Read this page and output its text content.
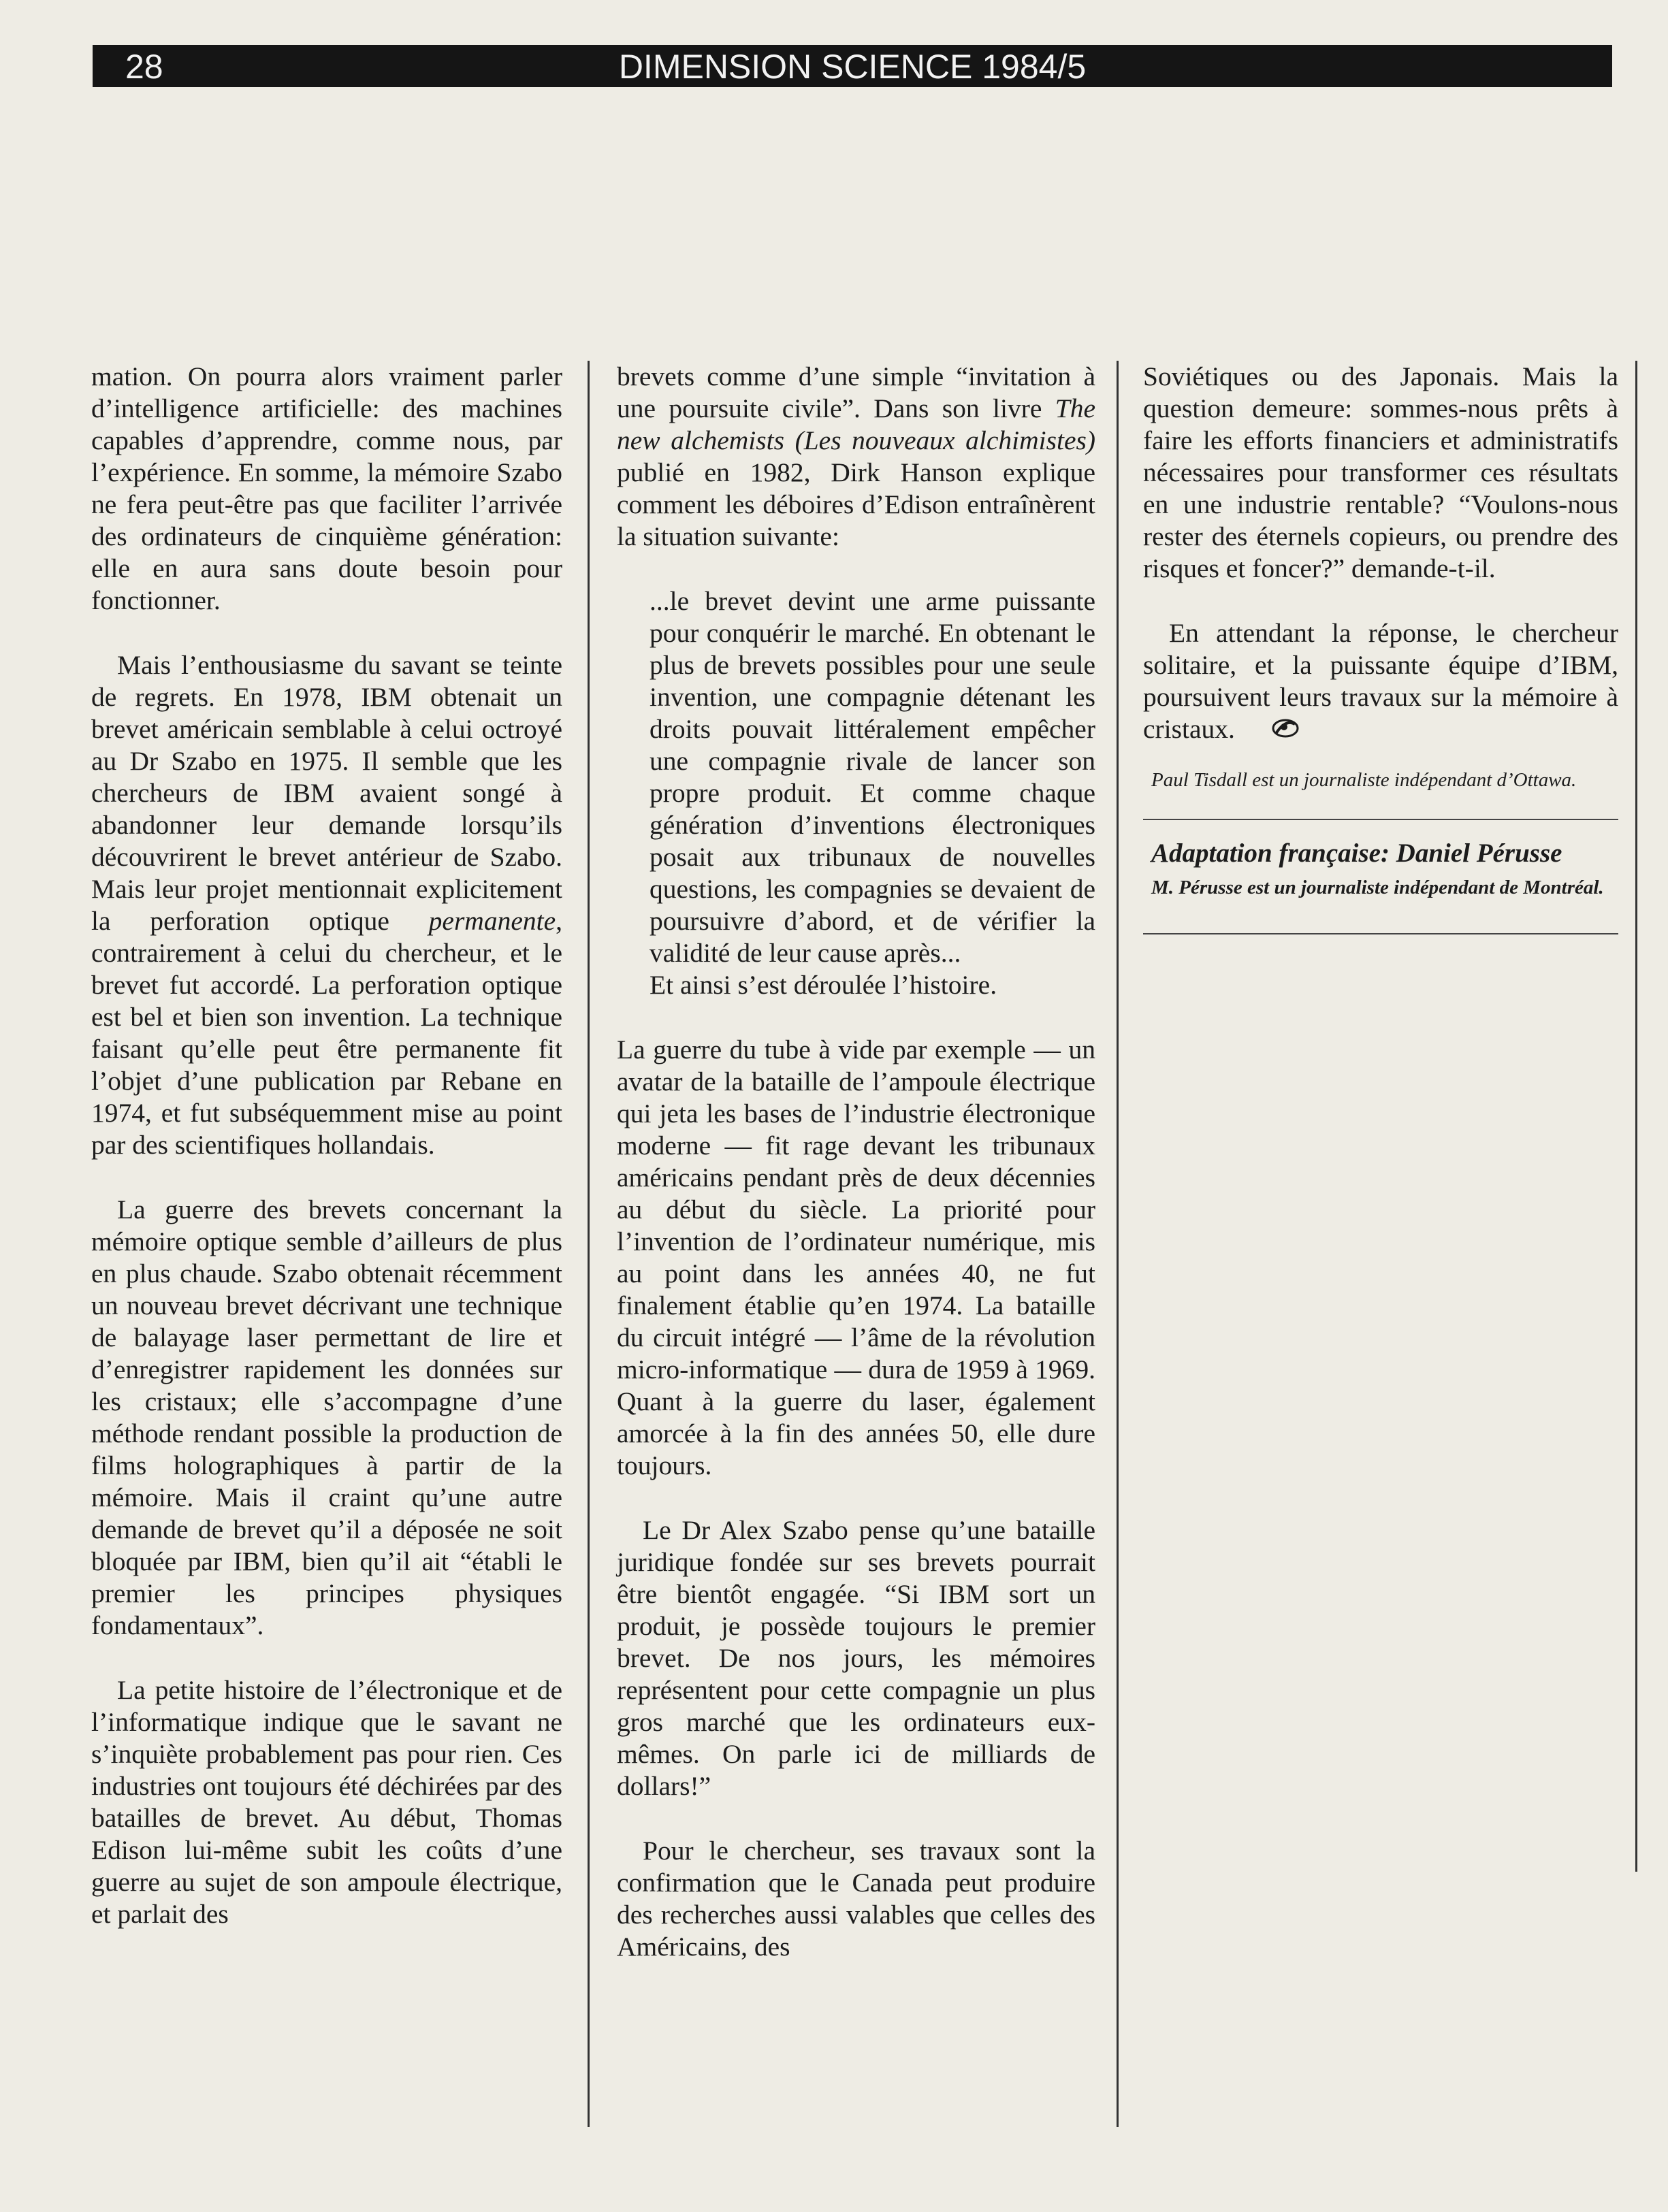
28	DIMENSION SCIENCE 1984/5

mation. On pourra alors vraiment parler d’intelligence artificielle: des machines capables d’apprendre, comme nous, par l’expérience. En somme, la mémoire Szabo ne fera peut-être pas que faciliter l’arrivée des ordinateurs de cinquième génération: elle en aura sans doute besoin pour fonctionner.

Mais l’enthousiasme du savant se teinte de regrets. En 1978, IBM obtenait un brevet américain semblable à celui octroyé au Dr Szabo en 1975. Il semble que les chercheurs de IBM avaient songé à abandonner leur demande lorsqu’ils découvrirent le brevet antérieur de Szabo. Mais leur projet mentionnait explicitement la perforation optique permanente, contrairement à celui du chercheur, et le brevet fut accordé. La perforation optique est bel et bien son invention. La technique faisant qu’elle peut être permanente fit l’objet d’une publication par Rebane en 1974, et fut subséquemment mise au point par des scientifiques hollandais.

La guerre des brevets concernant la mémoire optique semble d’ailleurs de plus en plus chaude. Szabo obtenait récemment un nouveau brevet décrivant une technique de balayage laser permettant de lire et d’enregistrer rapidement les données sur les cristaux; elle s’accompagne d’une méthode rendant possible la production de films holographiques à partir de la mémoire. Mais il craint qu’une autre demande de brevet qu’il a déposée ne soit bloquée par IBM, bien qu’il ait “établi le premier les principes physiques fondamentaux”.

La petite histoire de l’électronique et de l’informatique indique que le savant ne s’inquiète probablement pas pour rien. Ces industries ont toujours été déchirées par des batailles de brevet. Au début, Thomas Edison lui-même subit les coûts d’une guerre au sujet de son ampoule électrique, et parlait des

brevets comme d’une simple “invitation à une poursuite civile”. Dans son livre The new alchemists (Les nouveaux alchimistes) publié en 1982, Dirk Hanson explique comment les déboires d’Edison entraînèrent la situation suivante:

...le brevet devint une arme puissante pour conquérir le marché. En obtenant le plus de brevets possibles pour une seule invention, une compagnie détenant les droits pouvait littéralement empêcher une compagnie rivale de lancer son propre produit. Et comme chaque génération d’inventions électroniques posait aux tribunaux de nouvelles questions, les compagnies se devaient de poursuivre d’abord, et de vérifier la validité de leur cause après...

Et ainsi s’est déroulée l’histoire.

La guerre du tube à vide par exemple — un avatar de la bataille de l’ampoule électrique qui jeta les bases de l’industrie électronique moderne — fit rage devant les tribunaux américains pendant près de deux décennies au début du siècle. La priorité pour l’invention de l’ordinateur numérique, mis au point dans les années 40, ne fut finalement établie qu’en 1974. La bataille du circuit intégré — l’âme de la révolution micro-informatique — dura de 1959 à 1969. Quant à la guerre du laser, également amorcée à la fin des années 50, elle dure toujours.

Le Dr Alex Szabo pense qu’une bataille juridique fondée sur ses brevets pourrait être bientôt engagée. “Si IBM sort un produit, je possède toujours le premier brevet. De nos jours, les mémoires représentent pour cette compagnie un plus gros marché que les ordinateurs eux-mêmes. On parle ici de milliards de dollars!”

Pour le chercheur, ses travaux sont la confirmation que le Canada peut produire des recherches aussi valables que celles des Américains, des

Soviétiques ou des Japonais. Mais la question demeure: sommes-nous prêts à faire les efforts financiers et administratifs nécessaires pour transformer ces résultats en une industrie rentable? “Voulons-nous rester des éternels copieurs, ou prendre des risques et foncer?” demande-t-il.

En attendant la réponse, le chercheur solitaire, et la puissante équipe d’IBM, poursuivent leurs travaux sur la mémoire à cristaux.

Paul Tisdall est un journaliste indépendant d’Ottawa.
Adaptation française: Daniel Pérusse
M. Pérusse est un journaliste indépendant de Montréal.
